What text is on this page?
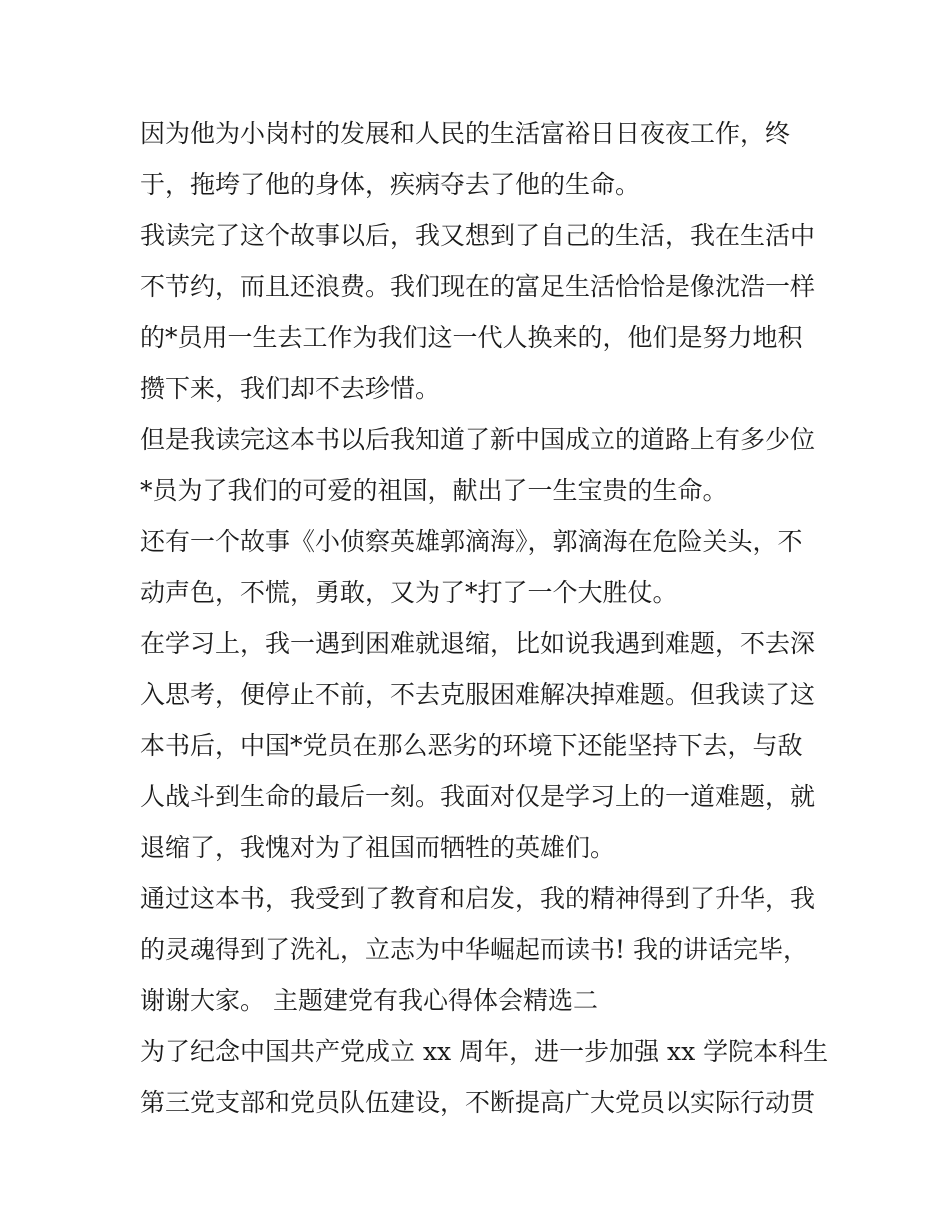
因为他为小岗村的发展和人民的生活富裕日日夜夜工作，终
于，拖垮了他的身体，疾病夺去了他的生命。
我读完了这个故事以后，我又想到了自己的生活，我在生活中
不节约，而且还浪费。我们现在的富足生活恰恰是像沈浩一样
的*员用一生去工作为我们这一代人换来的，他们是努力地积
攒下来，我们却不去珍惜。
但是我读完这本书以后我知道了新中国成立的道路上有多少位
*员为了我们的可爱的祖国，献出了一生宝贵的生命。
还有一个故事《小侦察英雄郭滴海》，郭滴海在危险关头，不
动声色，不慌，勇敢，又为了*打了一个大胜仗。
在学习上，我一遇到困难就退缩，比如说我遇到难题，不去深
入思考，便停止不前，不去克服困难解决掉难题。但我读了这
本书后，中国*党员在那么恶劣的环境下还能坚持下去，与敌
人战斗到生命的最后一刻。我面对仅是学习上的一道难题，就
退缩了，我愧对为了祖国而牺牲的英雄们。
通过这本书，我受到了教育和启发，我的精神得到了升华，我
的灵魂得到了洗礼，立志为中华崛起而读书! 我的讲话完毕，
谢谢大家。 主题建党有我心得体会精选二
为了纪念中国共产党成立 xx 周年，进一步加强 xx 学院本科生
第三党支部和党员队伍建设，不断提高广大党员以实际行动贯
